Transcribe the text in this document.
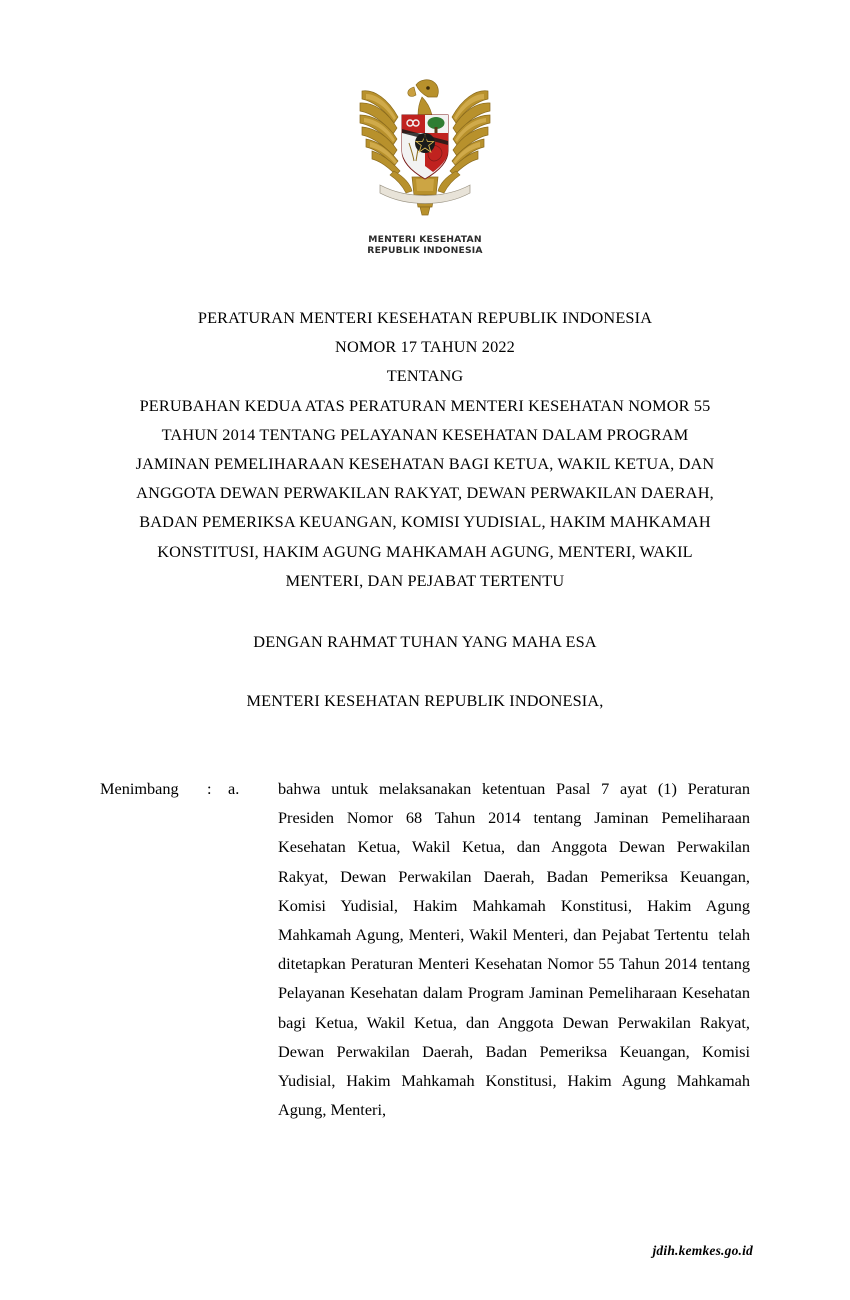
MENTERI KESEHATAN
REPUBLIK INDONESIA
PERATURAN MENTERI KESEHATAN REPUBLIK INDONESIA
NOMOR 17 TAHUN 2022
TENTANG
PERUBAHAN KEDUA ATAS PERATURAN MENTERI KESEHATAN NOMOR 55
TAHUN 2014 TENTANG PELAYANAN KESEHATAN DALAM PROGRAM
JAMINAN PEMELIHARAAN KESEHATAN BAGI KETUA, WAKIL KETUA, DAN
ANGGOTA DEWAN PERWAKILAN RAKYAT, DEWAN PERWAKILAN DAERAH,
BADAN PEMERIKSA KEUANGAN, KOMISI YUDISIAL, HAKIM MAHKAMAH
KONSTITUSI, HAKIM AGUNG MAHKAMAH AGUNG, MENTERI, WAKIL
MENTERI, DAN PEJABAT TERTENTU
DENGAN RAHMAT TUHAN YANG MAHA ESA
MENTERI KESEHATAN REPUBLIK INDONESIA,
Menimbang	:	a.	bahwa untuk melaksanakan ketentuan Pasal 7 ayat (1) Peraturan Presiden Nomor 68 Tahun 2014 tentang Jaminan Pemeliharaan Kesehatan Ketua, Wakil Ketua, dan Anggota Dewan Perwakilan Rakyat, Dewan Perwakilan Daerah, Badan Pemeriksa Keuangan, Komisi Yudisial, Hakim Mahkamah Konstitusi, Hakim Agung Mahkamah Agung, Menteri, Wakil Menteri, dan Pejabat Tertentu  telah ditetapkan Peraturan Menteri Kesehatan Nomor 55 Tahun 2014 tentang Pelayanan Kesehatan dalam Program Jaminan Pemeliharaan Kesehatan bagi Ketua, Wakil Ketua, dan Anggota Dewan Perwakilan Rakyat, Dewan Perwakilan Daerah, Badan Pemeriksa Keuangan, Komisi Yudisial, Hakim Mahkamah Konstitusi, Hakim Agung Mahkamah Agung, Menteri,
jdih.kemkes.go.id
